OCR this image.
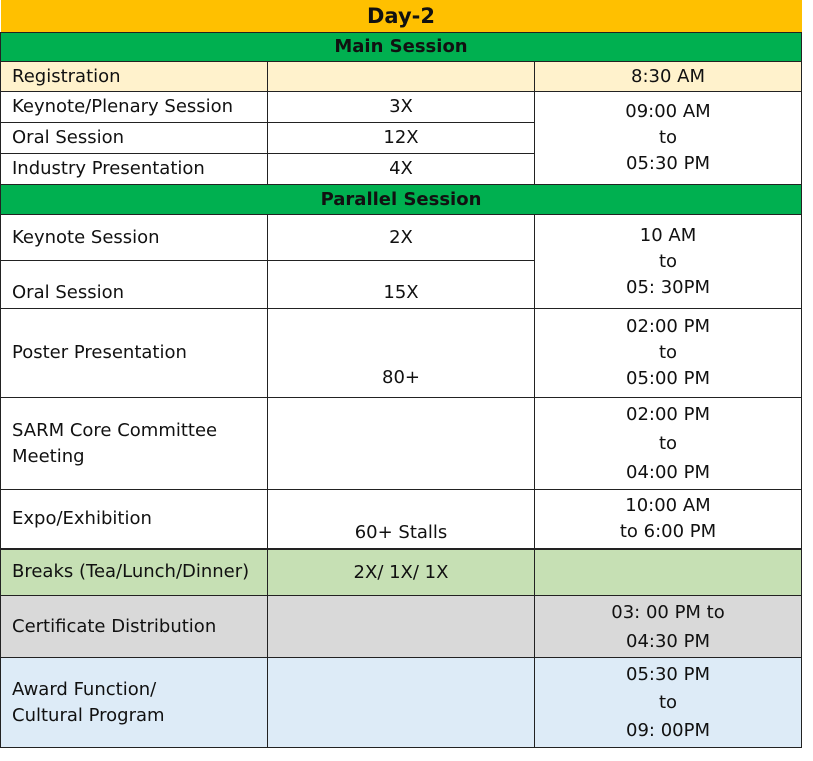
Day-2		
Main Session		
Registration		8:30 AM
Keynote/Plenary Session	3X	09:00 AM
to
05:30 PM

Oral Session	12X	
Industry Presentation	4X	
Parallel Session		
Keynote Session	2X	10 AM
to
05: 30PM

Oral Session	15X	
Poster Presentation	80+	02:00 PM
to
05:00 PM

SARM Core Committee Meeting		02:00 PM
to
04:00 PM

Expo/Exhibition	60+ Stalls	10:00 AM
to 6:00 PM

Breaks (Tea/Lunch/Dinner)	2X/ 1X/ 1X	
Certificate Distribution		03: 00 PM to
04:30 PM

Award Function/
Cultural Program		05:30 PM
to
09: 00PM
